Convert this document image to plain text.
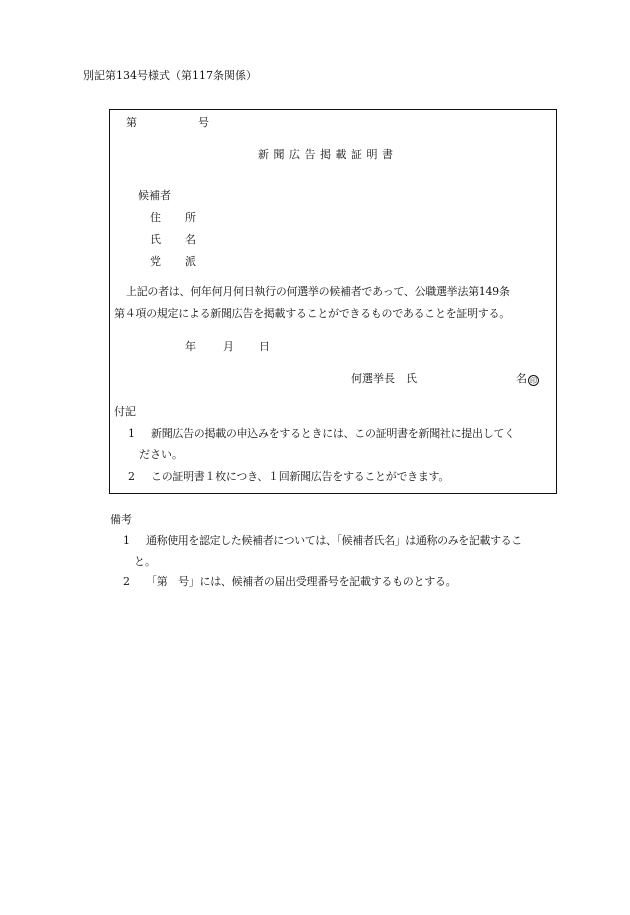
別記第134号様式（第117条関係）
第	号
新聞広告掲載証明書
候補者
住 所
氏 名
党 派
上記の者は、何年何月何日執行の何選挙の候補者であって、公職選挙法第149条
第４項の規定による新聞広告を掲載することができるものであることを証明する。
年 月 日
何選挙長　氏	名 印
付記
1 新聞広告の掲載の申込みをするときには、この証明書を新聞社に提出してく
ださい。
2 この証明書１枚につき、１回新聞広告をすることができます。
備考
1 通称使用を認定した候補者については、「候補者氏名」は通称のみを記載するこ
と。
2 「第　号」には、候補者の届出受理番号を記載するものとする。
